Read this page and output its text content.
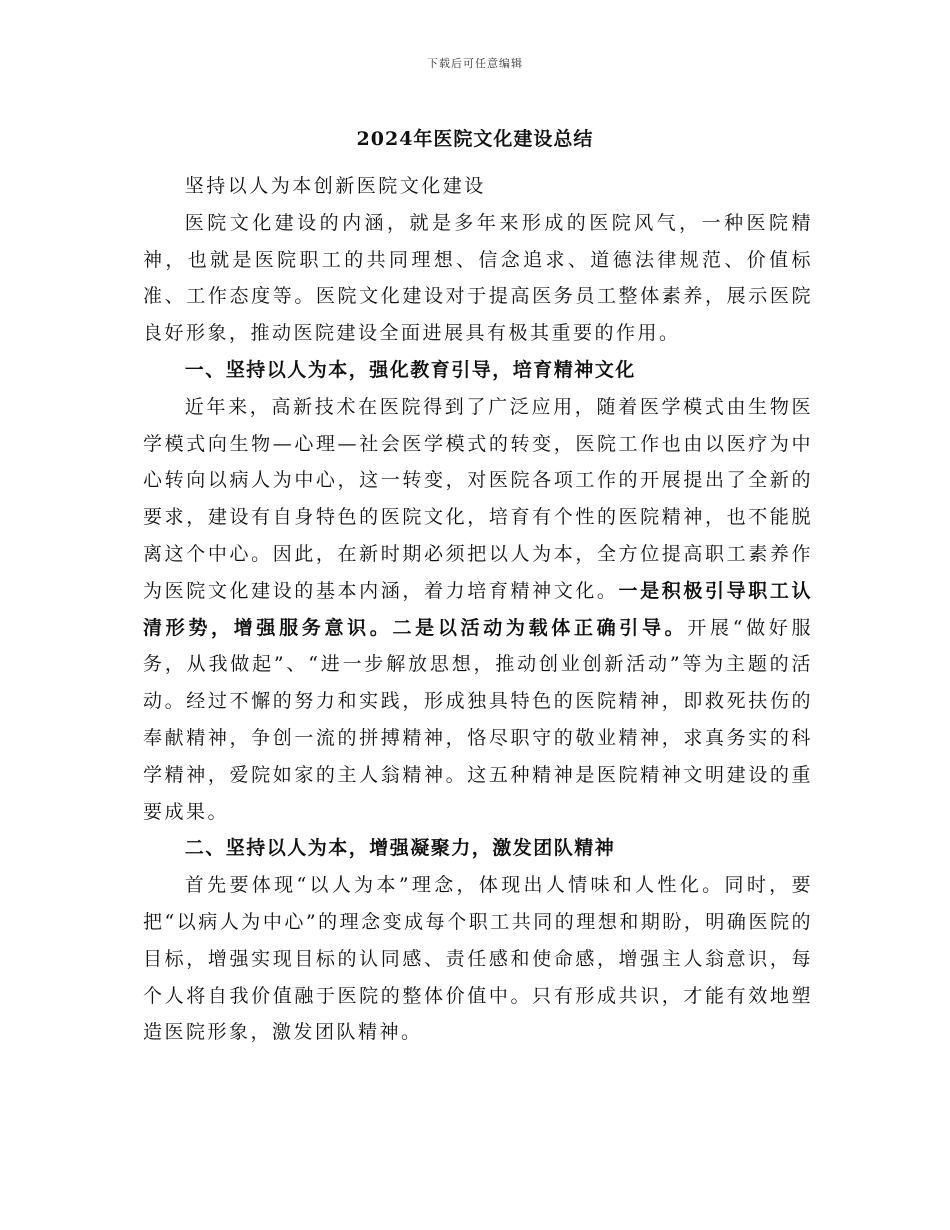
下载后可任意编辑
2024年医院文化建设总结

坚持以人为本创新医院文化建设

医院文化建设的内涵，就是多年来形成的医院风气，一种医院精神，也就是医院职工的共同理想、信念追求、道德法律规范、价值标准、工作态度等。医院文化建设对于提高医务员工整体素养，展示医院良好形象，推动医院建设全面进展具有极其重要的作用。

一、坚持以人为本，强化教育引导，培育精神文化

近年来，高新技术在医院得到了广泛应用，随着医学模式由生物医学模式向生物—心理—社会医学模式的转变，医院工作也由以医疗为中心转向以病人为中心，这一转变，对医院各项工作的开展提出了全新的要求，建设有自身特色的医院文化，培育有个性的医院精神，也不能脱离这个中心。因此，在新时期必须把以人为本，全方位提高职工素养作为医院文化建设的基本内涵，着力培育精神文化。一是积极引导职工认清形势，增强服务意识。二是以活动为载体正确引导。开展“做好服务，从我做起”、“进一步解放思想，推动创业创新活动”等为主题的活动。经过不懈的努力和实践，形成独具特色的医院精神，即救死扶伤的奉献精神，争创一流的拼搏精神，恪尽职守的敬业精神，求真务实的科学精神，爱院如家的主人翁精神。这五种精神是医院精神文明建设的重要成果。

二、坚持以人为本，增强凝聚力，激发团队精神

首先要体现“以人为本”理念，体现出人情味和人性化。同时，要把“以病人为中心”的理念变成每个职工共同的理想和期盼，明确医院的目标，增强实现目标的认同感、责任感和使命感，增强主人翁意识，每个人将自我价值融于医院的整体价值中。只有形成共识，才能有效地塑造医院形象，激发团队精神。
